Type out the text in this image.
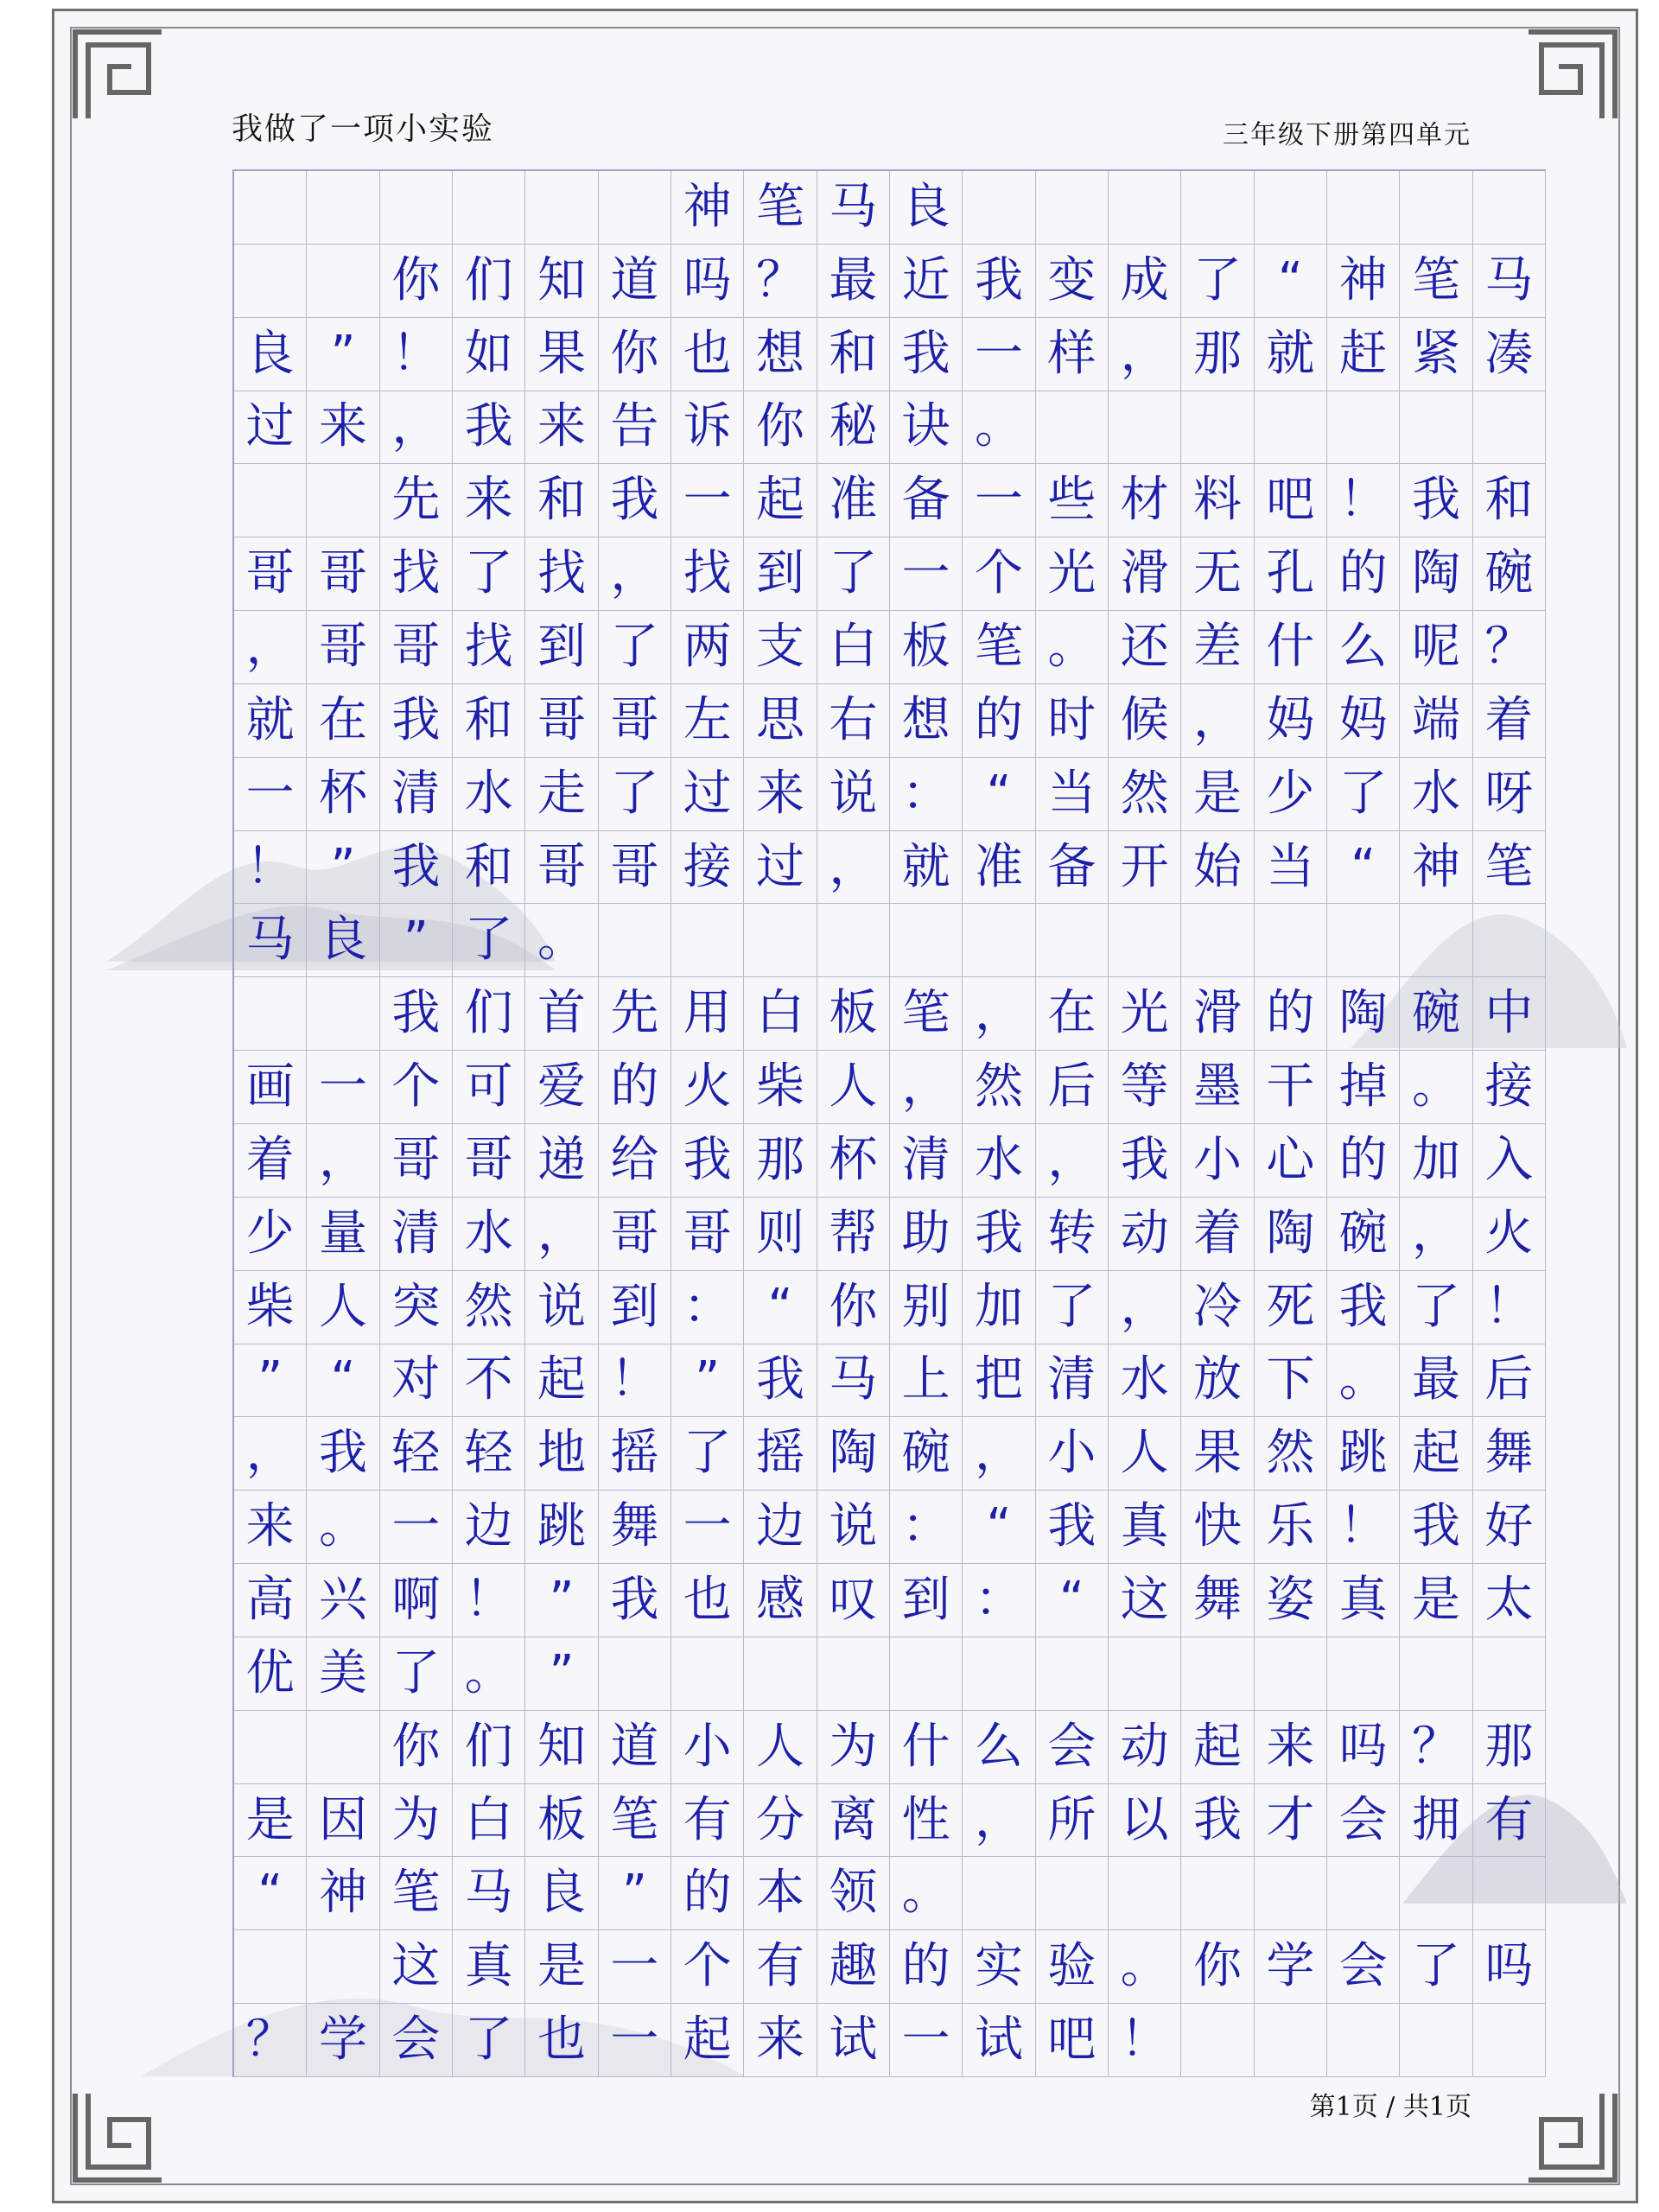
我做了一项小实验	三年级下册第四单元
神 笔 马 良
你 们 知 道 吗 ？ 最 近 我 变 成 了 “ 神 笔 马
良 ” ！ 如 果 你 也 想 和 我 一 样 ， 那 就 赶 紧 凑
过 来 ， 我 来 告 诉 你 秘 诀 。
先 来 和 我 一 起 准 备 一 些 材 料 吧 ！ 我 和
哥 哥 找 了 找 ， 找 到 了 一 个 光 滑 无 孔 的 陶 碗
， 哥 哥 找 到 了 两 支 白 板 笔 。 还 差 什 么 呢 ？
就 在 我 和 哥 哥 左 思 右 想 的 时 候 ， 妈 妈 端 着
一 杯 清 水 走 了 过 来 说 ： “ 当 然 是 少 了 水 呀
！ ” 我 和 哥 哥 接 过 ， 就 准 备 开 始 当 “ 神 笔
马 良 ” 了 。
我 们 首 先 用 白 板 笔 ， 在 光 滑 的 陶 碗 中
画 一 个 可 爱 的 火 柴 人 ， 然 后 等 墨 干 掉 。 接
着 ， 哥 哥 递 给 我 那 杯 清 水 ， 我 小 心 的 加 入
少 量 清 水 ， 哥 哥 则 帮 助 我 转 动 着 陶 碗 ， 火
柴 人 突 然 说 到 ： “ 你 别 加 了 ， 冷 死 我 了 ！
” “ 对 不 起 ！ ” 我 马 上 把 清 水 放 下 。 最 后
， 我 轻 轻 地 摇 了 摇 陶 碗 ， 小 人 果 然 跳 起 舞
来 。 一 边 跳 舞 一 边 说 ： “ 我 真 快 乐 ！ 我 好
高 兴 啊 ！ ” 我 也 感 叹 到 ： “ 这 舞 姿 真 是 太
优 美 了 。 ”
你 们 知 道 小 人 为 什 么 会 动 起 来 吗 ？ 那
是 因 为 白 板 笔 有 分 离 性 ， 所 以 我 才 会 拥 有
“ 神 笔 马 良 ” 的 本 领 。
这 真 是 一 个 有 趣 的 实 验 。 你 学 会 了 吗
？ 学 会 了 也 一 起 来 试 一 试 吧 ！
第1页 / 共1页
